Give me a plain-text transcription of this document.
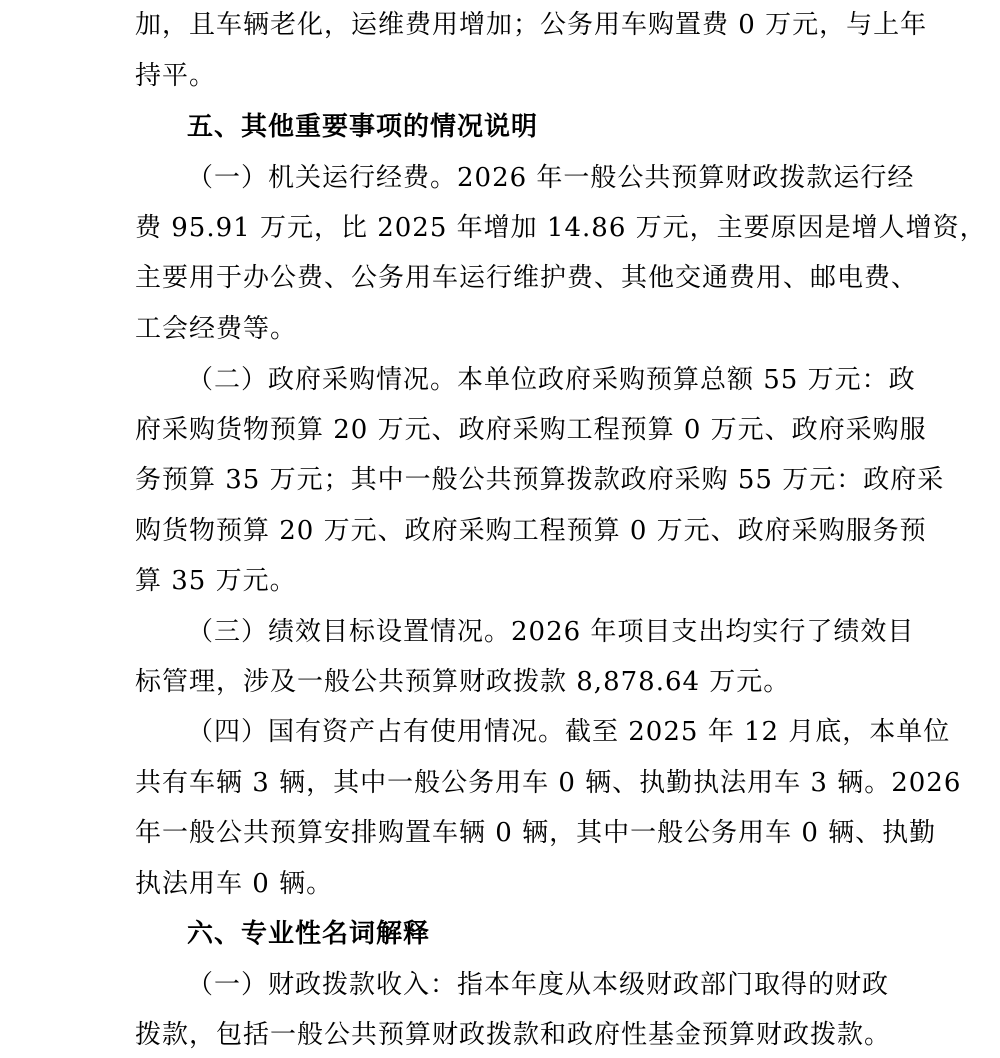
加，且车辆老化，运维费用增加；公务用车购置费 0 万元，与上年
持平。
五、其他重要事项的情况说明
（一）机关运行经费。2026 年一般公共预算财政拨款运行经
费 95.91 万元，比 2025 年增加 14.86 万元，主要原因是增人增资，
主要用于办公费、公务用车运行维护费、其他交通费用、邮电费、
工会经费等。
（二）政府采购情况。本单位政府采购预算总额 55 万元：政
府采购货物预算 20 万元、政府采购工程预算 0 万元、政府采购服
务预算 35 万元；其中一般公共预算拨款政府采购 55 万元：政府采
购货物预算 20 万元、政府采购工程预算 0 万元、政府采购服务预
算 35 万元。
（三）绩效目标设置情况。2026 年项目支出均实行了绩效目
标管理，涉及一般公共预算财政拨款 8,878.64 万元。
（四）国有资产占有使用情况。截至 2025 年 12 月底，本单位
共有车辆 3 辆，其中一般公务用车 0 辆、执勤执法用车 3 辆。2026
年一般公共预算安排购置车辆 0 辆，其中一般公务用车 0 辆、执勤
执法用车 0 辆。
六、专业性名词解释
（一）财政拨款收入：指本年度从本级财政部门取得的财政
拨款，包括一般公共预算财政拨款和政府性基金预算财政拨款。
